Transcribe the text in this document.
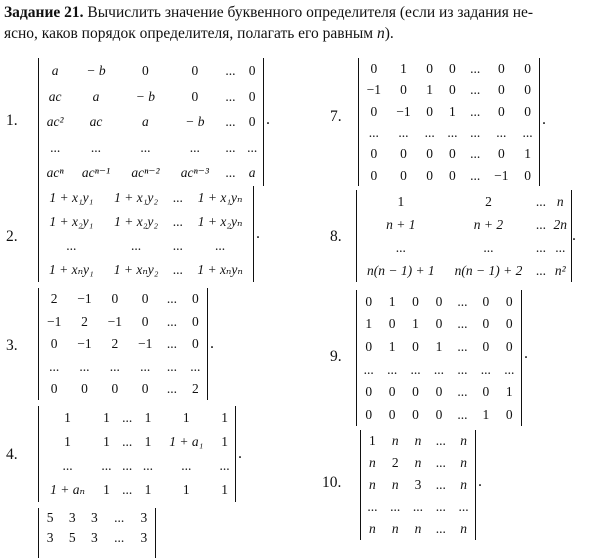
Задание 21. Вычислить значение буквенного определителя (если из задания не-
ясно, каков порядок определителя, полагать его равным n).
1.
a	− b	0	0	...	0
ac	a	− b	0	...	0
ac²	ac	a	− b	...	0
...	...	...	...	...	...
acⁿ	acⁿ⁻¹	acⁿ⁻²	acⁿ⁻³	...	a
.
2.
1 + x₁y₁	1 + x₁y₂	...	1 + x₁yₙ
1 + x₂y₁	1 + x₂y₂	...	1 + x₂yₙ
...	...	...	...
1 + xₙy₁	1 + xₙy₂	...	1 + xₙyₙ
.
3.
2	−1	0	0	...	0
−1	2	−1	0	...	0
0	−1	2	−1	...	0
...	...	...	...	...	...
0	0	0	0	...	2
.
4.
1	1	...	1	1	1
1	1	...	1	1 + a₁	1
...	...	...	...	...	...
1 + aₙ	1	...	1	1	1
.
5	3	3	...	3
3	5	3	...	3
7.
0	1	0	0	...	0	0
−1	0	1	0	...	0	0
0	−1	0	1	...	0	0
...	...	...	...	...	...	...
0	0	0	0	...	0	1
0	0	0	0	...	−1	0
.
8.
1	2	...	n
n + 1	n + 2	...	2n
...	...	...	...
n(n − 1) + 1	n(n − 1) + 2	...	n²
.
9.
0	1	0	0	...	0	0
1	0	1	0	...	0	0
0	1	0	1	...	0	0
...	...	...	...	...	...	...
0	0	0	0	...	0	1
0	0	0	0	...	1	0
.
10.
1	n	n	...	n
n	2	n	...	n
n	n	3	...	n
...	...	...	...	...
n	n	n	...	n
.
